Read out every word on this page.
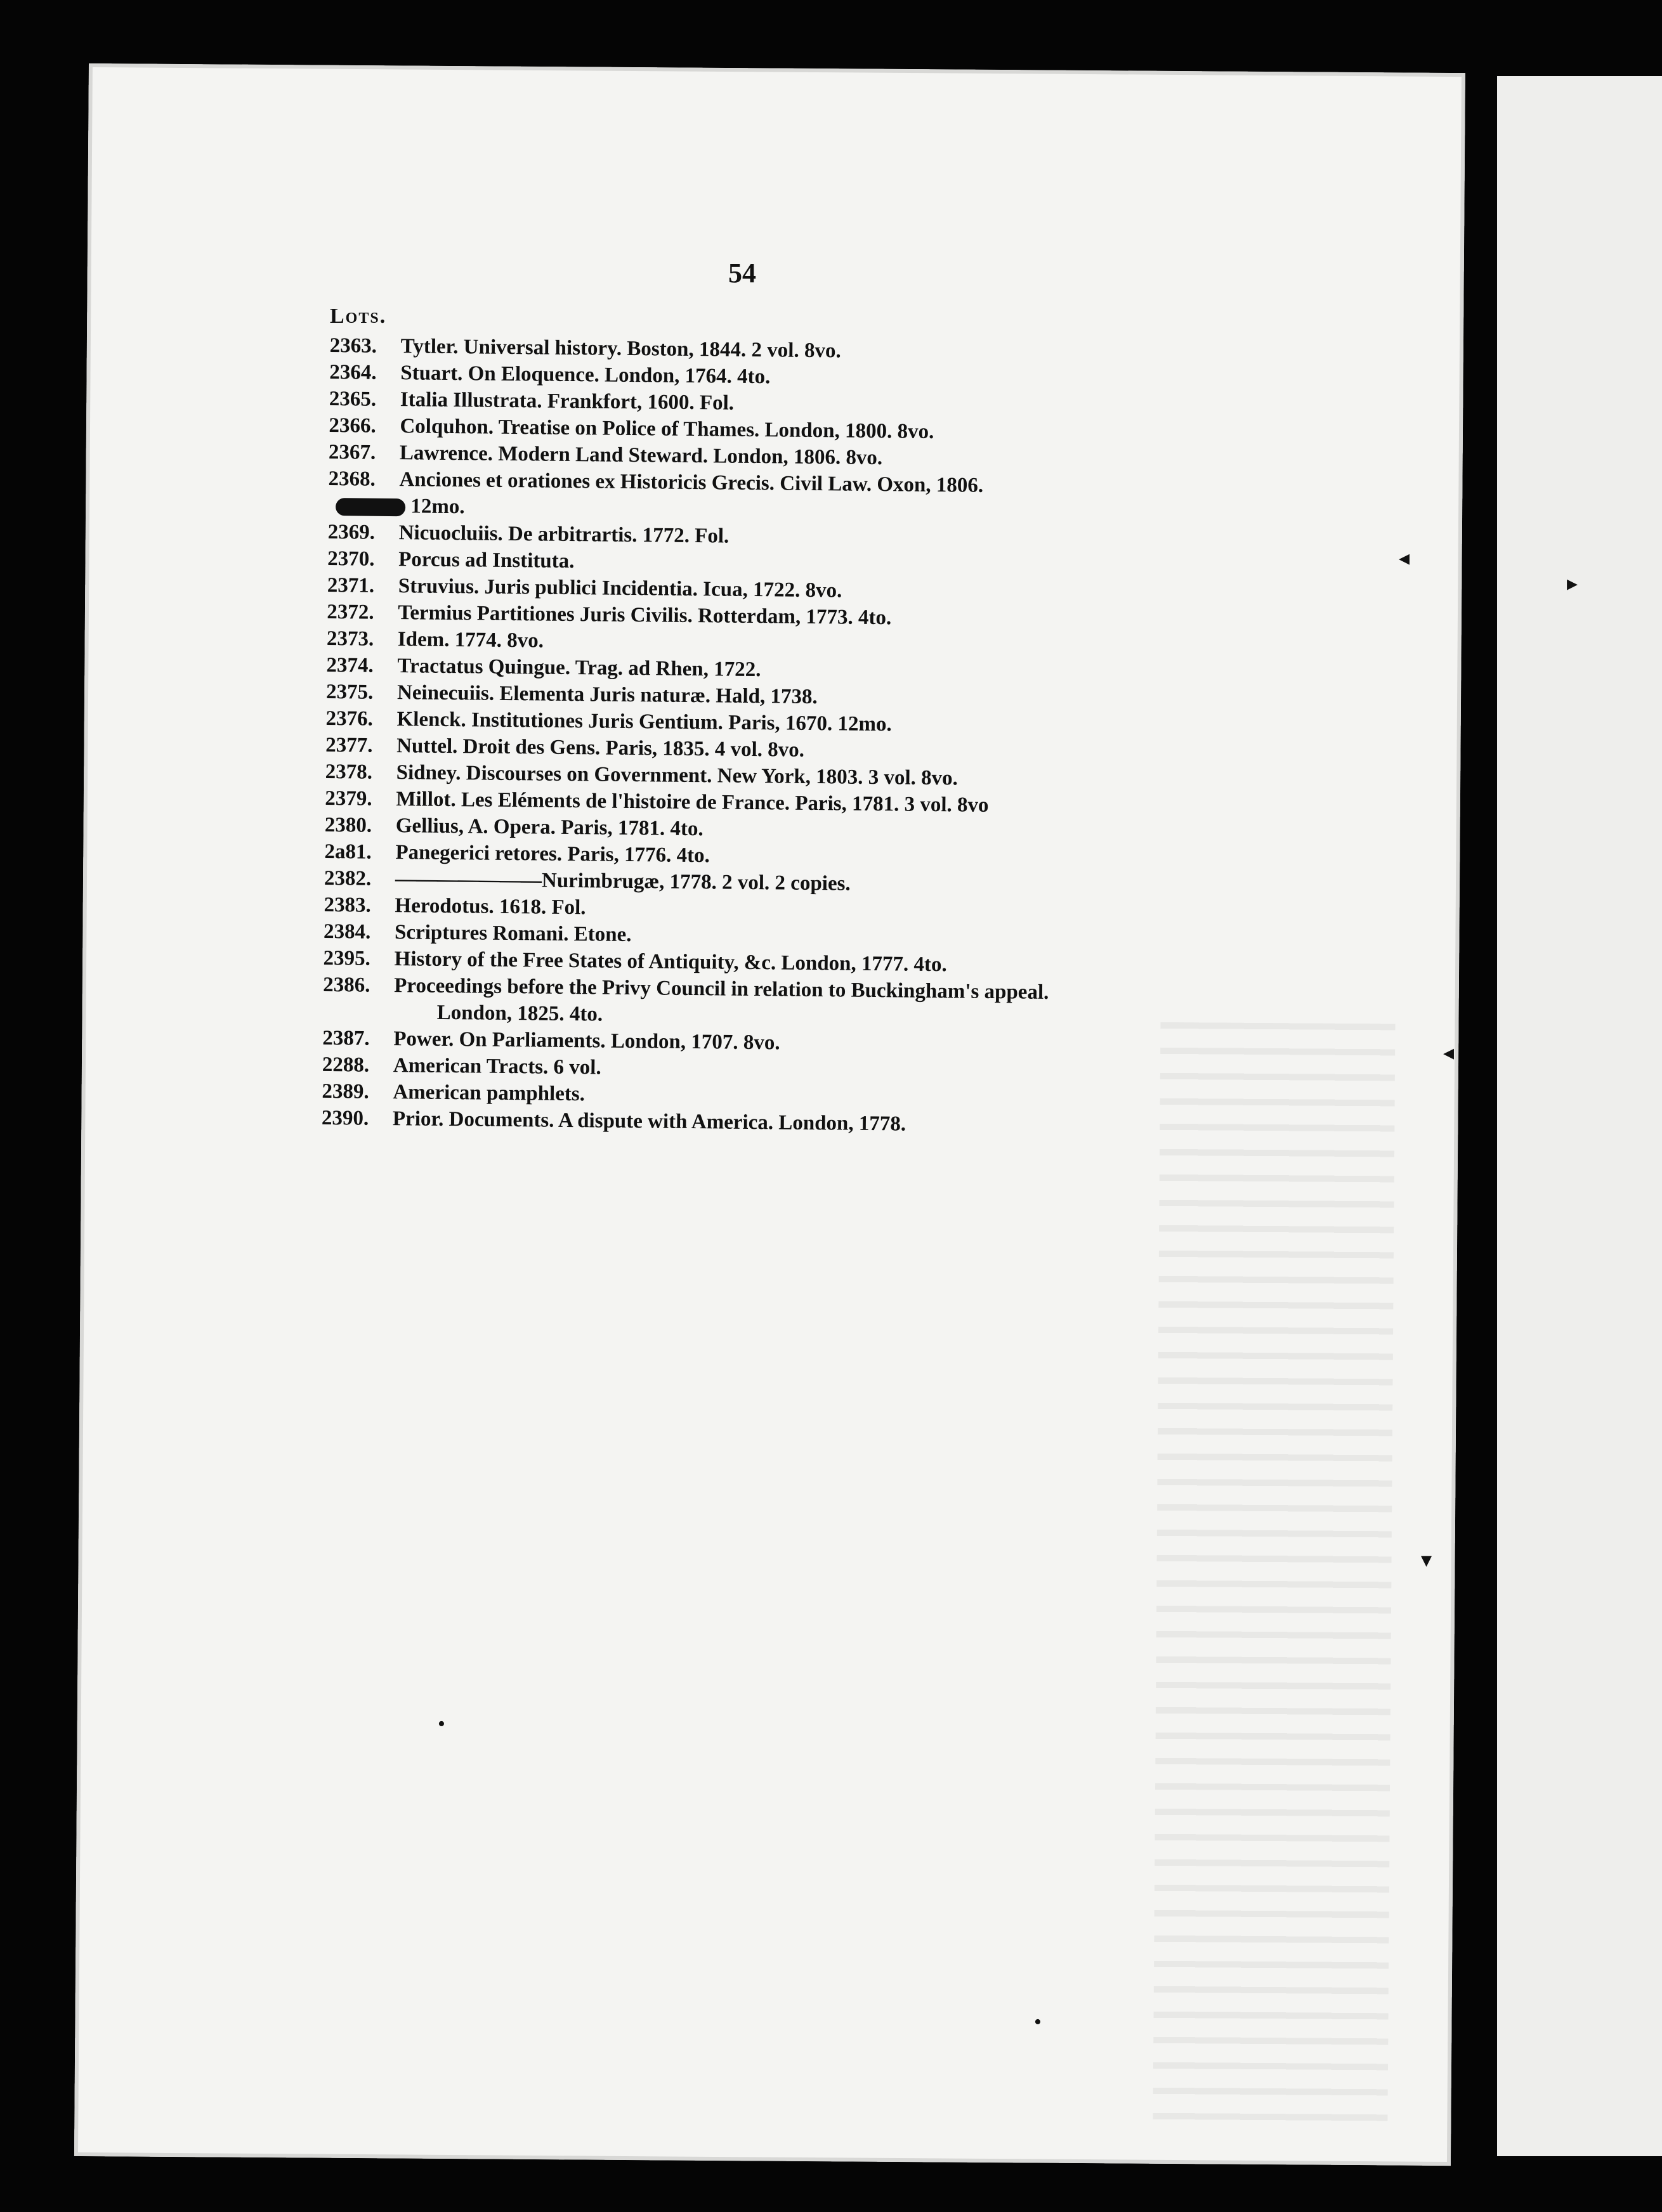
54
Lots.
2363.	Tytler. Universal history. Boston, 1844. 2 vol. 8vo.
2364.	Stuart. On Eloquence. London, 1764. 4to.
2365.	Italia Illustrata. Frankfort, 1600. Fol.
2366.	Colquhon. Treatise on Police of Thames. London, 1800. 8vo.
2367.	Lawrence. Modern Land Steward. London, 1806. 8vo.
2368.	Anciones et orationes ex Historicis Grecis. Civil Law. Oxon, 1806.
12mo.
2369.	Nicuocluiis. De arbitrartis. 1772. Fol.
2370.	Porcus ad Instituta.
2371.	Struvius. Juris publici Incidentia. Icua, 1722. 8vo.
2372.	Termius Partitiones Juris Civilis. Rotterdam, 1773. 4to.
2373.	Idem. 1774. 8vo.
2374.	Tractatus Quingue. Trag. ad Rhen, 1722.
2375.	Neinecuiis. Elementa Juris naturæ. Hald, 1738.
2376.	Klenck. Institutiones Juris Gentium. Paris, 1670. 12mo.
2377.	Nuttel. Droit des Gens. Paris, 1835. 4 vol. 8vo.
2378.	Sidney. Discourses on Government. New York, 1803. 3 vol. 8vo.
2379.	Millot. Les Eléments de l'histoire de France. Paris, 1781. 3 vol. 8vo
2380.	Gellius, A. Opera. Paris, 1781. 4to.
2a81.	Panegerici retores. Paris, 1776. 4to.
2382.	———————Nurimbrugæ, 1778. 2 vol. 2 copies.
2383.	Herodotus. 1618. Fol.
2384.	Scriptures Romani. Etone.
2395.	History of the Free States of Antiquity, &c. London, 1777. 4to.
2386.	Proceedings before the Privy Council in relation to Buckingham's appeal.
London, 1825. 4to.
2387.	Power. On Parliaments. London, 1707. 8vo.
2288.	American Tracts. 6 vol.
2389.	American pamphlets.
2390.	Prior. Documents. A dispute with America. London, 1778.
◂
▸
◂
▾
•
•
